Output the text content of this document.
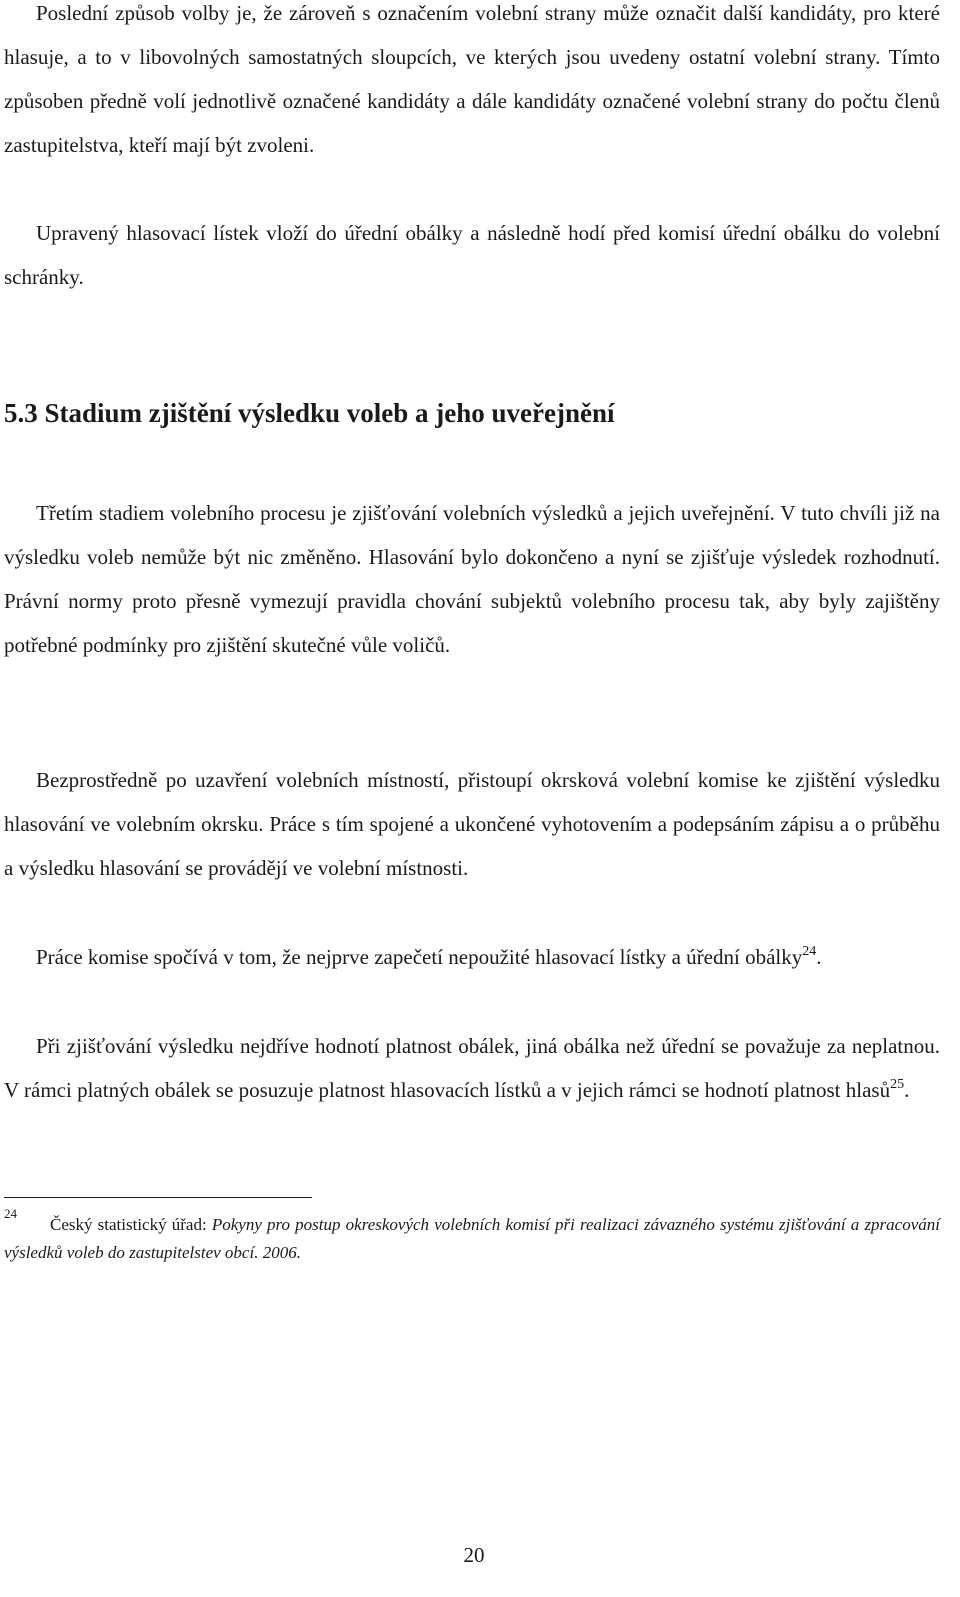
Poslední způsob volby je, že zároveň s označením volební strany může označit další kandidáty, pro které hlasuje, a to v libovolných samostatných sloupcích, ve kterých jsou uvedeny ostatní volební strany. Tímto způsoben předně volí jednotlivě označené kandidáty a dále kandidáty označené volební strany do počtu členů zastupitelstva, kteří mají být zvoleni.

Upravený hlasovací lístek vloží do úřední obálky a následně hodí před komisí úřední obálku do volební schránky.

5.3 Stadium zjištění výsledku voleb a jeho uveřejnění

Třetím stadiem volebního procesu je zjišťování volebních výsledků a jejich uveřejnění. V tuto chvíli již na výsledku voleb nemůže být nic změněno. Hlasování bylo dokončeno a nyní se zjišťuje výsledek rozhodnutí. Právní normy proto přesně vymezují pravidla chování subjektů volebního procesu tak, aby byly zajištěny potřebné podmínky pro zjištění skutečné vůle voličů.

Bezprostředně po uzavření volebních místností, přistoupí okrsková volební komise ke zjištění výsledku hlasování ve volebním okrsku. Práce s tím spojené a ukončené vyhotovením a podepsáním zápisu a o průběhu a výsledku hlasování se provádějí ve volební místnosti.

Práce komise spočívá v tom, že nejprve zapečetí nepoužité hlasovací lístky a úřední obálky$^{24}$.

Při zjišťování výsledku nejdříve hodnotí platnost obálek, jiná obálka než úřední se považuje za neplatnou. V rámci platných obálek se posuzuje platnost hlasovacích lístků a v jejich rámci se hodnotí platnost hlasů$^{25}$.

24Český statistický úřad: Pokyny pro postup okreskových volebních komisí při realizaci závazného systému zjišťování a zpracování výsledků voleb do zastupitelstev obcí. 2006.

20
